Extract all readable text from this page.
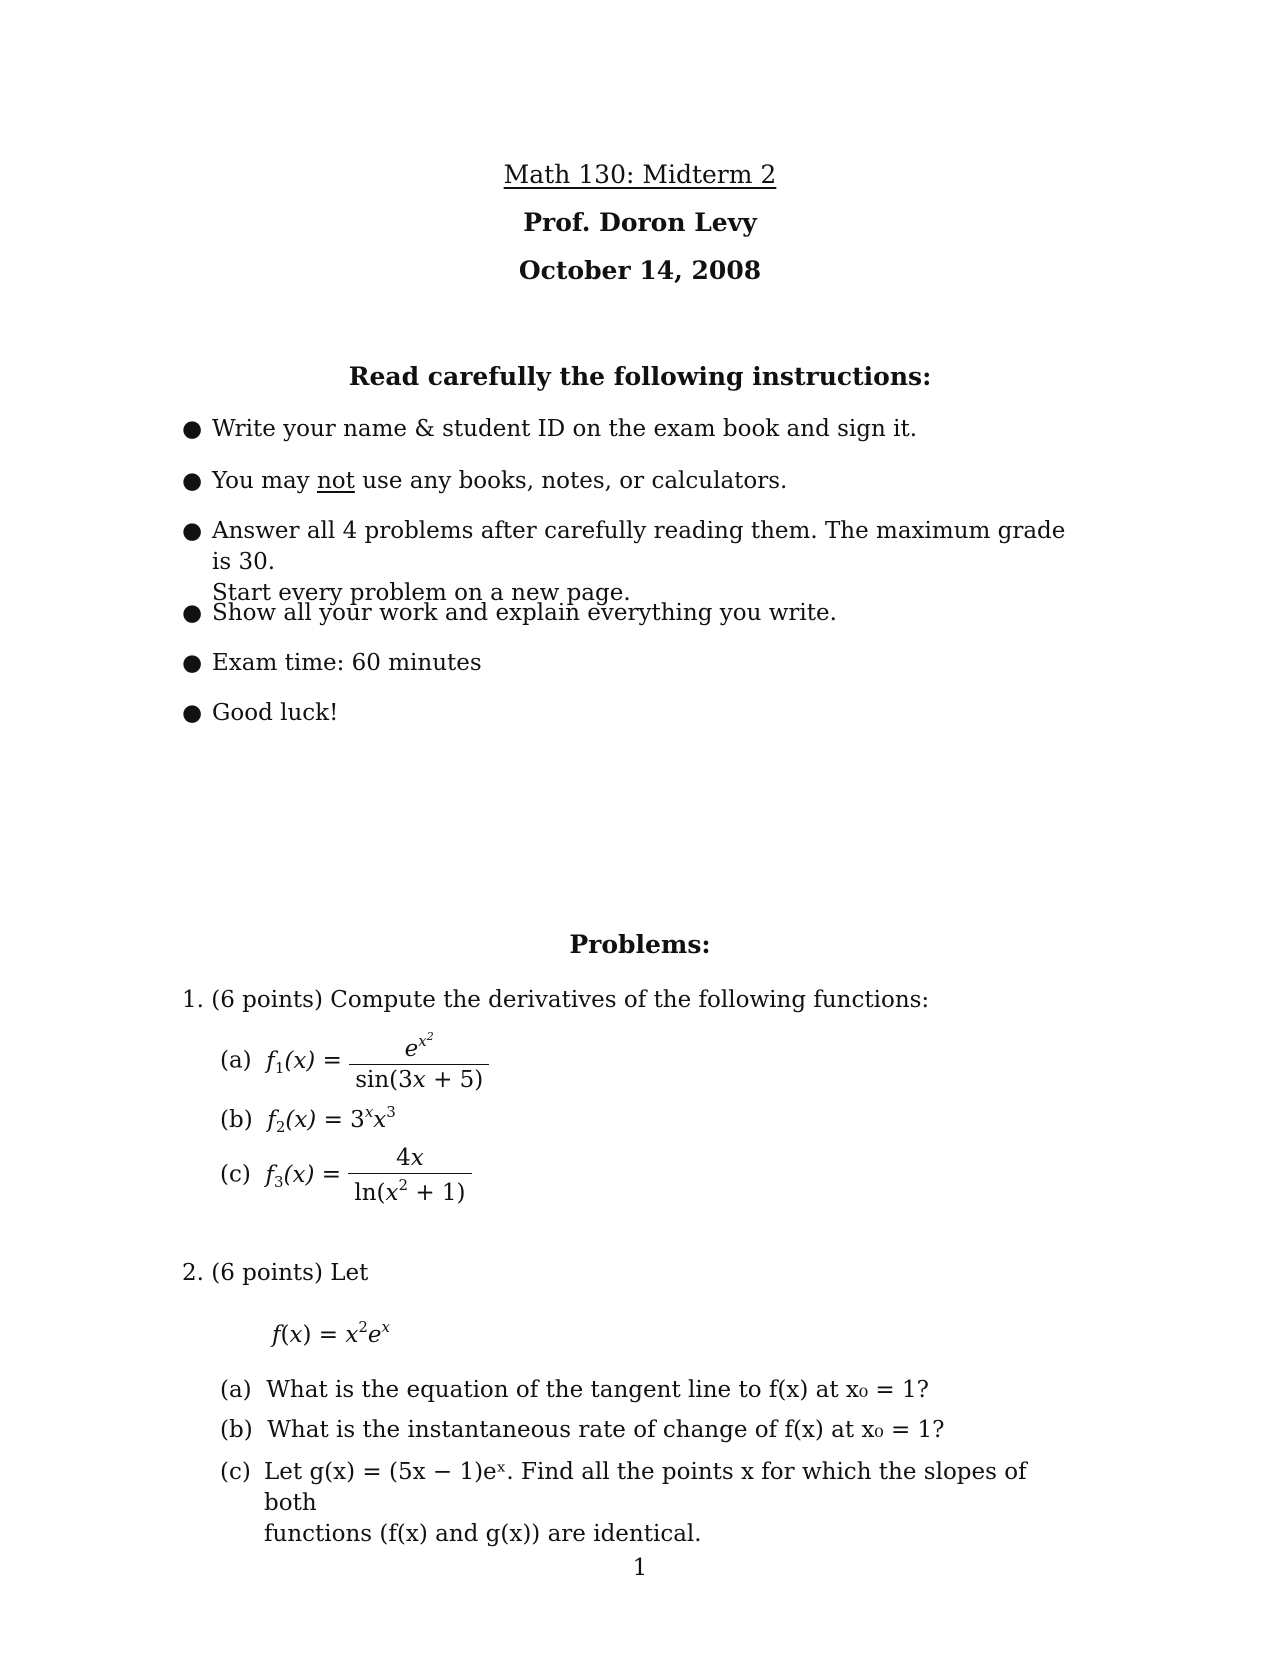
Math 130: Midterm 2
Prof. Doron Levy
October 14, 2008
Read carefully the following instructions:
● Write your name & student ID on the exam book and sign it.
● You may not use any books, notes, or calculators.
● Answer all 4 problems after carefully reading them. The maximum grade is 30.
Start every problem on a new page.
● Show all your work and explain everything you write.
● Exam time: 60 minutes
● Good luck!
Problems:
1. (6 points) Compute the derivatives of the following functions:
(a) $f_1(x) = \frac{e^{x^2}}{\sin(3x + 5)}$
(b) $f_2(x) = 3^xx^3$
(c) $f_3(x) = \frac{4x}{\ln(x^2 + 1)}$
2. (6 points) Let
$f(x) = x^2e^x$
(a) What is the equation of the tangent line to f(x) at x₀ = 1?
(b) What is the instantaneous rate of change of f(x) at x₀ = 1?
(c) Let g(x) = (5x − 1)eˣ. Find all the points x for which the slopes of both
functions (f(x) and g(x)) are identical.
1
